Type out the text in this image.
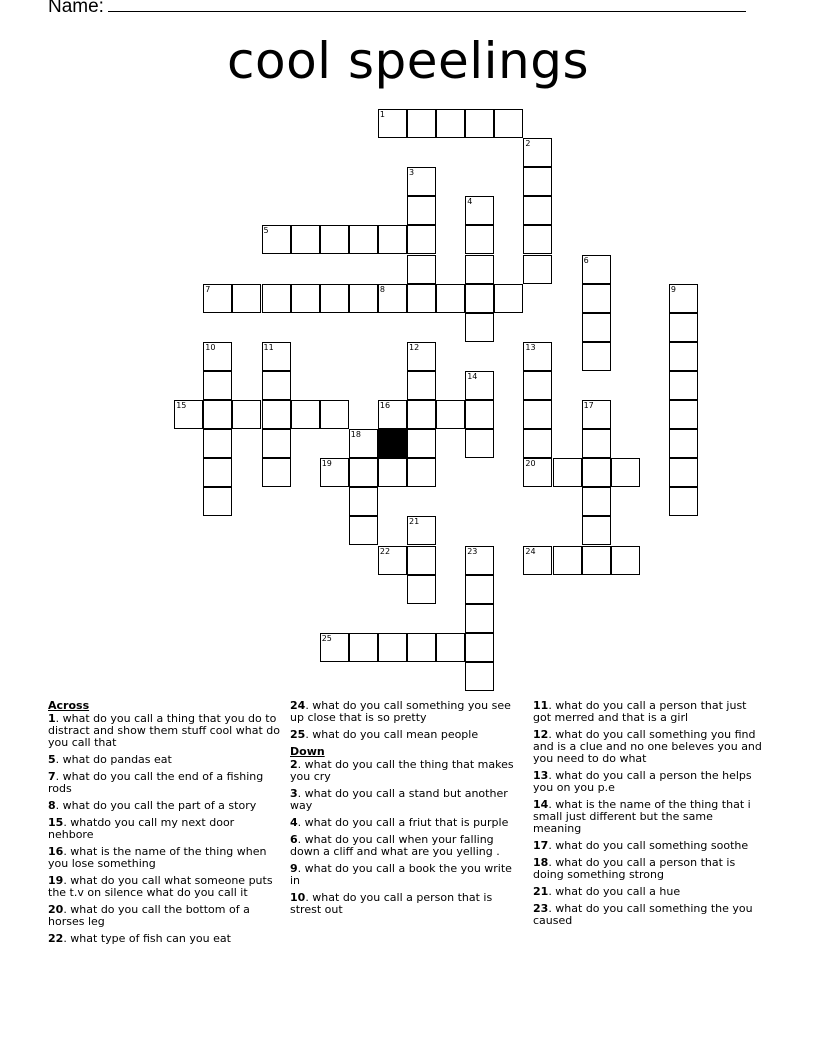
Name:
cool speelings
1
2
3
4
5
6
7	8	9
10	11	12	13
14
15	16	17
18
19	20
21
22	23	24
25
Across
1. what do you call a thing that you do to distract and show them stuff cool what do you call that
5. what do pandas eat
7. what do you call the end of a fishing rods
8. what do you call the part of a story
15. whatdo you call my next door nehbore
16. what is the name of the thing when you lose something
19. what do you call what someone puts the t.v on silence what do you call it
20. what do you call the bottom of a horses leg
22. what type of fish can you eat
24. what do you call something you see up close that is so pretty
25. what do you call mean people
Down
2. what do you call the thing that makes you cry
3. what do you call a stand but another way
4. what do you call a friut that is purple
6. what do you call when your falling down a cliff and what are you yelling .
9. what do you call a book the you write in
10. what do you call a person that is strest out
11. what do you call a person that just got merred and that is a girl
12. what do you call something you find and is a clue and no one beleves you and you need to do what
13. what do you call a person the helps you on you p.e
14. what is the name of the thing that i small just different but the same meaning
17. what do you call something soothe
18. what do you call a person that is doing something strong
21. what do you call a hue
23. what do you call something the you caused
